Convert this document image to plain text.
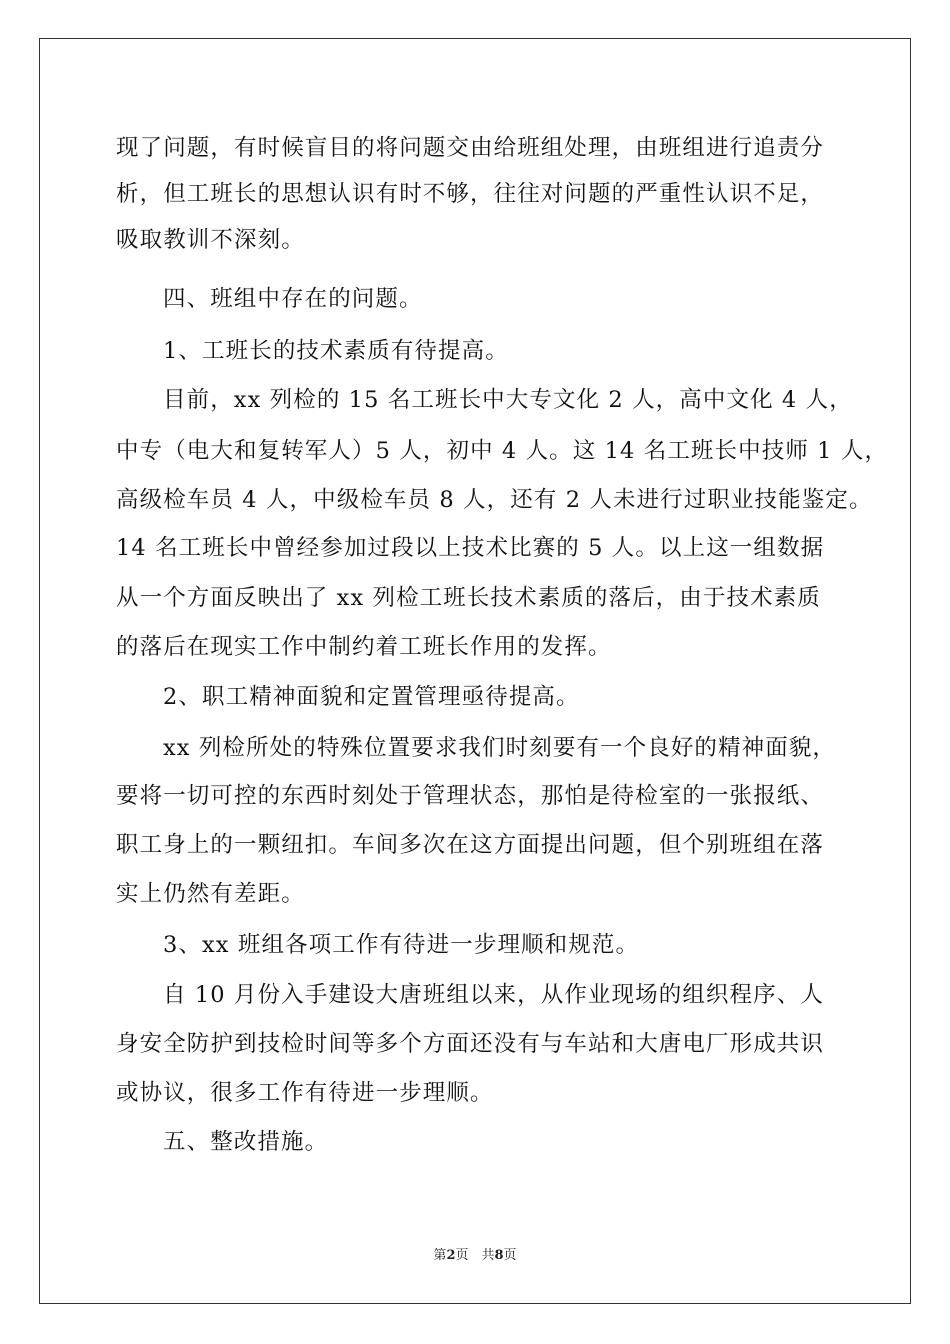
现了问题，有时候盲目的将问题交由给班组处理，由班组进行追责分
析，但工班长的思想认识有时不够，往往对问题的严重性认识不足，
吸取教训不深刻。
四、班组中存在的问题。
1、工班长的技术素质有待提高。
目前，xx 列检的 15 名工班长中大专文化 2 人，高中文化 4 人，
中专（电大和复转军人）5 人，初中 4 人。这 14 名工班长中技师 1 人，
高级检车员 4 人，中级检车员 8 人，还有 2 人未进行过职业技能鉴定。
14 名工班长中曾经参加过段以上技术比赛的 5 人。以上这一组数据
从一个方面反映出了 xx 列检工班长技术素质的落后，由于技术素质
的落后在现实工作中制约着工班长作用的发挥。
2、职工精神面貌和定置管理亟待提高。
xx 列检所处的特殊位置要求我们时刻要有一个良好的精神面貌，
要将一切可控的东西时刻处于管理状态，那怕是待检室的一张报纸、
职工身上的一颗纽扣。车间多次在这方面提出问题，但个别班组在落
实上仍然有差距。
3、xx 班组各项工作有待进一步理顺和规范。
自 10 月份入手建设大唐班组以来，从作业现场的组织程序、人
身安全防护到技检时间等多个方面还没有与车站和大唐电厂形成共识
或协议，很多工作有待进一步理顺。
五、整改措施。
第2页　共8页
